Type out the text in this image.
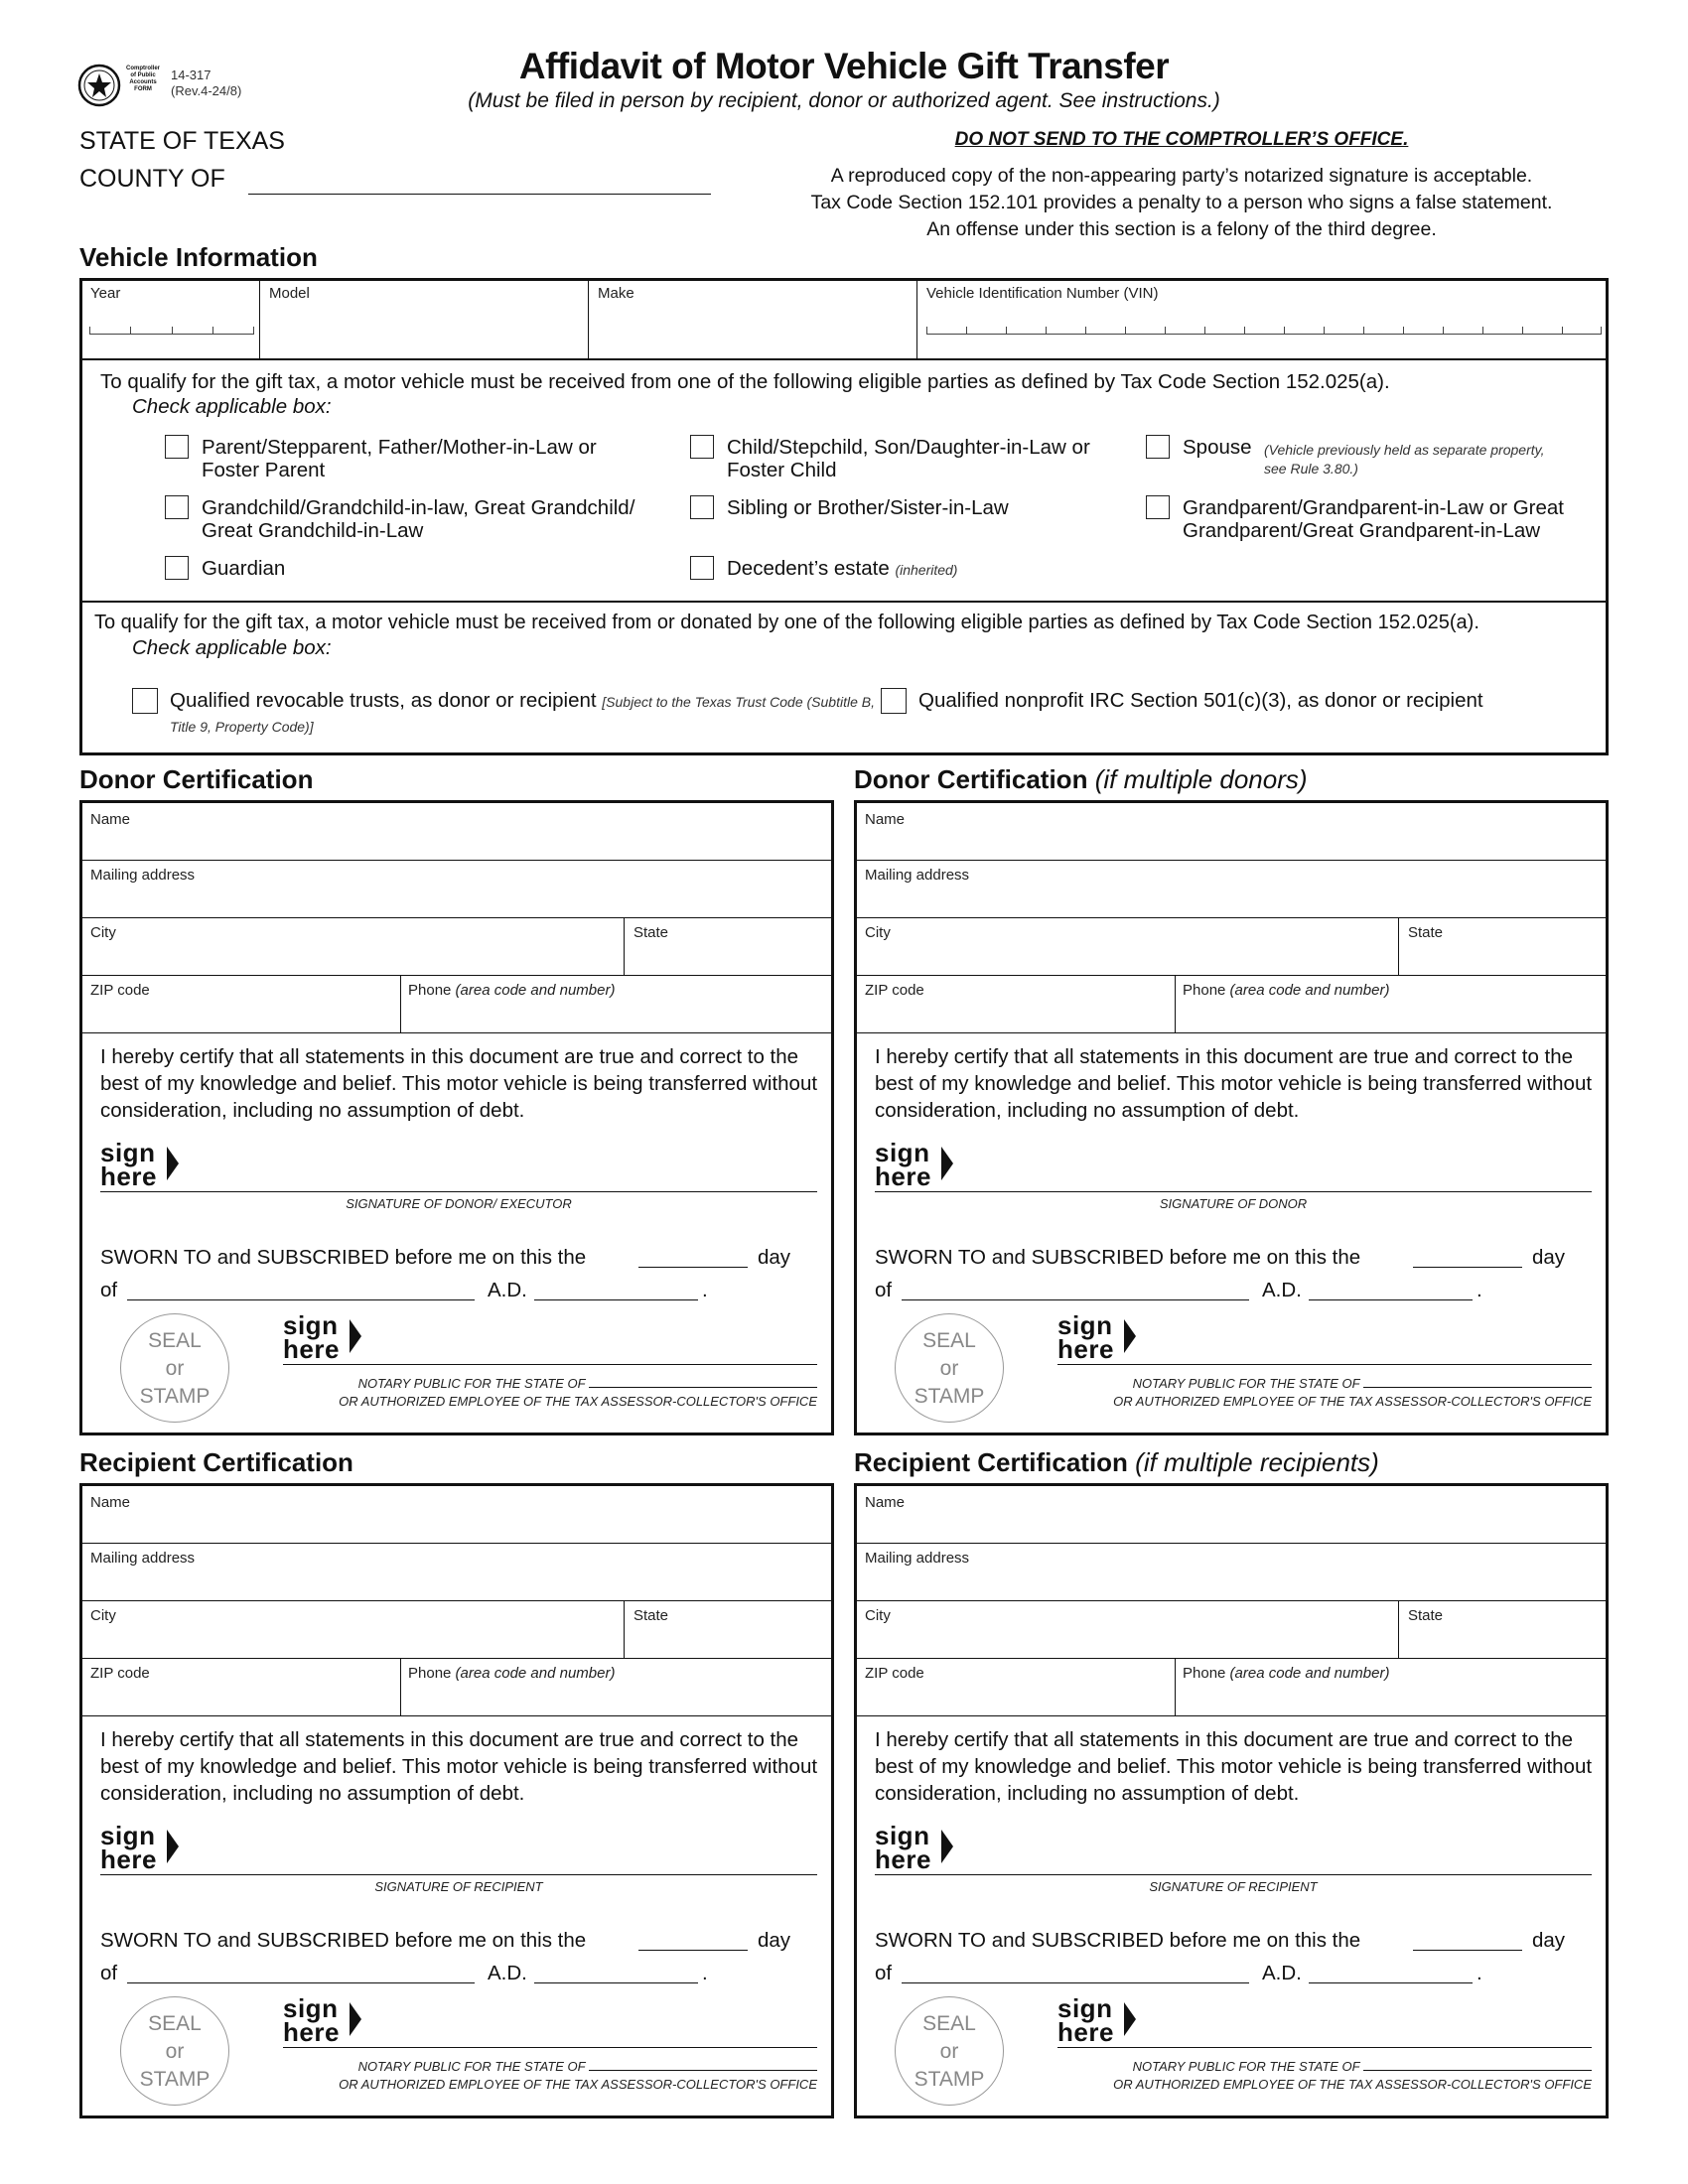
Comptroller
of Public
Accounts
FORM
14-317
(Rev.4-24/8)
Affidavit of Motor Vehicle Gift Transfer
(Must be filed in person by recipient, donor or authorized agent. See instructions.)
STATE OF TEXAS
COUNTY OF
DO NOT SEND TO THE COMPTROLLER’S OFFICE.
A reproduced copy of the non-appearing party’s notarized signature is acceptable.
Tax Code Section 152.101 provides a penalty to a person who signs a false statement.
An offense under this section is a felony of the third degree.
Vehicle Information
Year	Model	Make	Vehicle Identification Number (VIN)
To qualify for the gift tax, a motor vehicle must be received from one of the following eligible parties as defined by Tax Code Section 152.025(a).
Check applicable box:
Parent/Stepparent, Father/Mother-in-Law or Foster Parent
Child/Stepchild, Son/Daughter-in-Law or Foster Child
Spouse (Vehicle previously held as separate property, see Rule 3.80.)
Grandchild/Grandchild-in-law, Great Grandchild/ Great Grandchild-in-Law
Sibling or Brother/Sister-in-Law	Grandparent/Grandparent-in-Law or Great Grandparent/Great Grandparent-in-Law
Guardian	Decedent’s estate (inherited)
To qualify for the gift tax, a motor vehicle must be received from or donated by one of the following eligible parties as defined by Tax Code Section 152.025(a).
Check applicable box:
Qualified revocable trusts, as donor or recipient [Subject to the Texas Trust Code (Subtitle B, Title 9, Property Code)]
Qualified nonprofit IRC Section 501(c)(3), as donor or recipient
Donor Certification
Name
Mailing address
City	State
ZIP code	Phone (area code and number)
I hereby certify that all statements in this document are true and correct to the best of my knowledge and belief. This motor vehicle is being transferred without consideration, including no assumption of debt.
sign
here
SIGNATURE OF DONOR/ EXECUTOR
SWORN TO and SUBSCRIBED before me on this the	day
of	A.D.	.
SEAL
or
STAMP
sign
here
NOTARY PUBLIC FOR THE STATE OF
OR AUTHORIZED EMPLOYEE OF THE TAX ASSESSOR-COLLECTOR'S OFFICE
Donor Certification (if multiple donors)
Name
Mailing address
City	State
ZIP code	Phone (area code and number)
I hereby certify that all statements in this document are true and correct to the best of my knowledge and belief. This motor vehicle is being transferred without consideration, including no assumption of debt.
sign
here
SIGNATURE OF DONOR
SWORN TO and SUBSCRIBED before me on this the	day
of	A.D.	.
SEAL
or
STAMP
sign
here
NOTARY PUBLIC FOR THE STATE OF
OR AUTHORIZED EMPLOYEE OF THE TAX ASSESSOR-COLLECTOR'S OFFICE
Recipient Certification
Name
Mailing address
City	State
ZIP code	Phone (area code and number)
I hereby certify that all statements in this document are true and correct to the best of my knowledge and belief. This motor vehicle is being transferred without consideration, including no assumption of debt.
sign
here
SIGNATURE OF RECIPIENT
SWORN TO and SUBSCRIBED before me on this the	day
of	A.D.	.
SEAL
or
STAMP
sign
here
NOTARY PUBLIC FOR THE STATE OF
OR AUTHORIZED EMPLOYEE OF THE TAX ASSESSOR-COLLECTOR'S OFFICE
Recipient Certification (if multiple recipients)
Name
Mailing address
City	State
ZIP code	Phone (area code and number)
I hereby certify that all statements in this document are true and correct to the best of my knowledge and belief. This motor vehicle is being transferred without consideration, including no assumption of debt.
sign
here
SIGNATURE OF RECIPIENT
SWORN TO and SUBSCRIBED before me on this the	day
of	A.D.	.
SEAL
or
STAMP
sign
here
NOTARY PUBLIC FOR THE STATE OF
OR AUTHORIZED EMPLOYEE OF THE TAX ASSESSOR-COLLECTOR'S OFFICE
